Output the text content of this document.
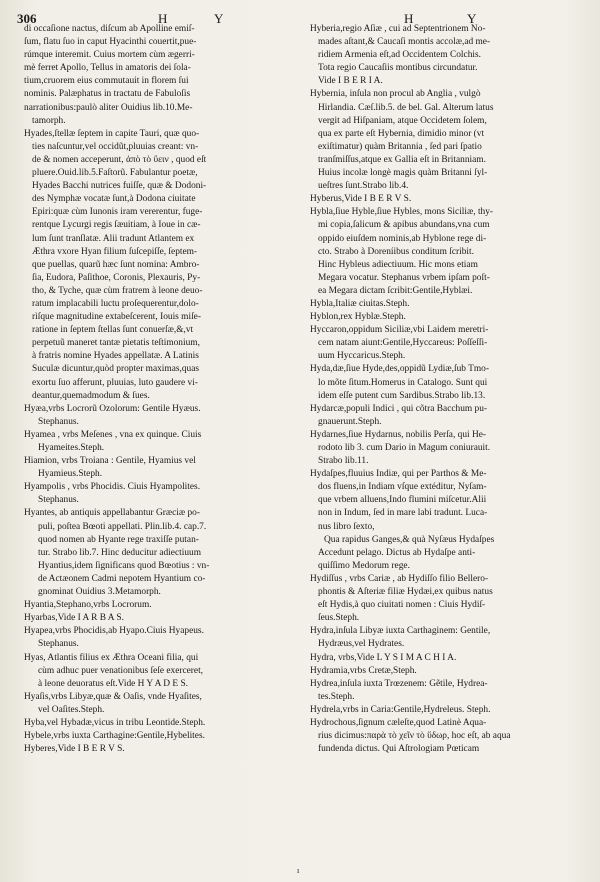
306	H	Y	H	Y
di occaſione nactus, diſcum ab Apolline emiſ-
ſum, flatu ſuo in caput Hyacinthi couertit,pue-
rúmque interemit. Cuius mortem cùm ægerri-
mè ferret Apollo, Tellus in amatoris dei ſola-
tium,cruorem eius commutauit in florem ſui
nominis. Palæphatus in tractatu de Fabuloſis
narrationibus:paulò aliter Ouidius lib.10.Me-
tamorph.
Hyades,ſtellæ ſeptem in capite Tauri, quæ quo-
ties naſcuntur,vel occidũt,pluuias creant: vn-
de & nomen acceperunt, ἀπὸ τὸ ὕειν , quod eſt
pluere.Ouid.lib.5.Faſtorũ. Fabulantur poetæ,
Hyades Bacchi nutrices fuiſſe, quæ & Dodoni-
des Nymphæ vocatæ ſunt,à Dodona ciuitate
Epiri:quæ cùm Iunonis iram vererentur, fuge-
rentque Lycurgi regis ſæuitiam, à Ioue in cæ-
lum ſunt tranſlatæ. Alii tradunt Atlantem ex
Æthra vxore Hyan filium ſuſcepiſſe, ſeptem-
que puellas, quarũ hæc ſunt nomina: Ambro-
ſia, Eudora, Paſithoe, Coronis, Plexauris, Py-
tho, & Tyche, quæ cùm fratrem à leone deuo-
ratum implacabili luctu proſequerentur,dolo-
rìſque magnitudine extabeſcerent, Iouis miſe-
ratione in ſeptem ſtellas ſunt conuerſæ,&,vt
perpetuũ maneret tantæ pietatis teſtimonium,
à fratris nomine Hyades appellatæ. A Latinis
Suculæ dicuntur,quòd propter maximas,quas
exortu ſuo afferunt, pluuias, luto gaudere vi-
deantur,quemadmodum & ſues.
Hyæa,vrbs Locrorũ Ozolorum: Gentile Hyæus.
Stephanus.
Hyamea , vrbs Meſenes , vna ex quinque. Ciuis
Hyameites.Steph.
Hiamion, vrbs Troiana : Gentile, Hyamius vel
Hyamieus.Steph.
Hyampolis , vrbs Phocidis. Ciuis Hyampolites.
Stephanus.
Hyantes, ab antiquis appellabantur Græciæ po-
puli, poſtea Bœoti appellati. Plin.lib.4. cap.7.
quod nomen ab Hyante rege traxiſſe putan-
tur. Strabo lib.7. Hinc deducitur adiectiuum
Hyantius,idem ſignificans quod Bœotius : vn-
de Actæonem Cadmi nepotem Hyantium co-
gnominat Ouidius 3.Metamorph.
Hyantia,Stephano,vrbs Locrorum.
Hyarbas,Vide I A R B A S.
Hyapea,vrbs Phocidis,ab Hyapo.Ciuis Hyapeus.
Stephanus.
Hyas, Atlantis filius ex Æthra Oceani filia, qui
cùm adhuc puer venationibus ſeſe exerceret,
à leone deuoratus eſt.Vide H Y A D E S.
Hyaſis,vrbs Libyæ,quæ & Oaſis, vnde Hyaſites,
vel Oaſites.Steph.
Hyba,vel Hybadæ,vicus in tribu Leontide.Steph.
Hybele,vrbs iuxta Carthagine:Gentile,Hybelites.
Hyberes,Vide I B E R V S.
Hyberia,regio Aſiæ , cui ad Septentrionem No-
mades aſtant,& Caucaſi montis accolæ,ad me-
ridiem Armenia eſt,ad Occidentem Colchis.
Tota regio Caucaſiis montibus circundatur.
Vide I B E R I A.
Hybernia, inſula non procul ab Anglia , vulgò
Hirlandia. Cæſ.lib.5. de bel. Gal. Alterum latus
vergit ad Hiſpaniam, atque Occidetem ſolem,
qua ex parte eſt Hybernia, dimidio minor (vt
exiſtimatur) quàm Britannia , ſed pari ſpatio
tranſmiſſus,atque ex Gallia eſt in Britanniam.
Huius incolæ longè magis quàm Britanni ſyl-
ueſtres ſunt.Strabo lib.4.
Hyberus,Vide I B E R V S.
Hybla,ſiue Hyble,ſiue Hybles, mons Siciliæ, thy-
mi copia,ſalicum & apibus abundans,vna cum
oppido eiuſdem nominis,ab Hyblone rege di-
cto. Strabo à Doreníibus conditum ſcribit.
Hinc Hybleus adiectiuum. Hic mons etiam
Megara vocatur. Stephanus vrbem ipſam poſt-
ea Megara dictam ſcribit:Gentile,Hyblæi.
Hybla,Italiæ ciuitas.Steph.
Hyblon,rex Hyblæ.Steph.
Hyccaron,oppidum Siciliæ,vbi Laidem meretri-
cem natam aiunt:Gentile,Hyccareus: Poſſeſſi-
uum Hyccaricus.Steph.
Hyda,dæ,ſiue Hyde,des,oppidũ Lydiæ,ſub Tmo-
lo mõte ſitum.Homerus in Catalogo. Sunt qui
idem eſſe putent cum Sardibus.Strabo lib.13.
Hydarcæ,populi Indici , qui cõtra Bacchum pu-
gnauerunt.Steph.
Hydarnes,ſiue Hydarnus, nobilis Perſa, qui He-
rodoto lib 3. cum Dario in Magum coniurauit.
Strabo lib.11.
Hydaſpes,fluuius Indiæ, qui per Parthos & Me-
dos fluens,in Indiam vſque extéditur, Nyſam-
que vrbem alluens,Indo flumini miſcetur.Alii
non in Indum, ſed in mare labi tradunt. Luca-
nus libro ſexto,
Qua rapidus Ganges,& quà Nyſæus Hydaſpes
Accedunt pelago. Dictus ab Hydaſpe anti-
quiſſimo Medorum rege.
Hydiſſus , vrbs Cariæ , ab Hydiſſo filio Bellero-
phontis & Aſteriæ filiæ Hydæi,ex quibus natus
eſt Hydis,à quo ciuitati nomen : Ciuis Hydiſ-
ſeus.Steph.
Hydra,inſula Libyæ iuxta Carthaginem: Gentile,
Hydræus,vel Hydrates.
Hydra, vrbs,Vide L Y S I M A C H I A.
Hydramia,vrbs Cretæ,Steph.
Hydrea,inſula iuxta Trœzenem: Gẽtile, Hydrea-
tes.Steph.
Hydrela,vrbs in Caria:Gentile,Hydreleus. Steph.
Hydrochous,ſignum cæleſte,quod Latinè Aqua-
rius dicimus:παρὰ τὸ χεῖν τὸ ὕδωρ, hoc eſt, ab aqua
fundenda dictus. Qui Aſtrologiam Pœticam
ı
